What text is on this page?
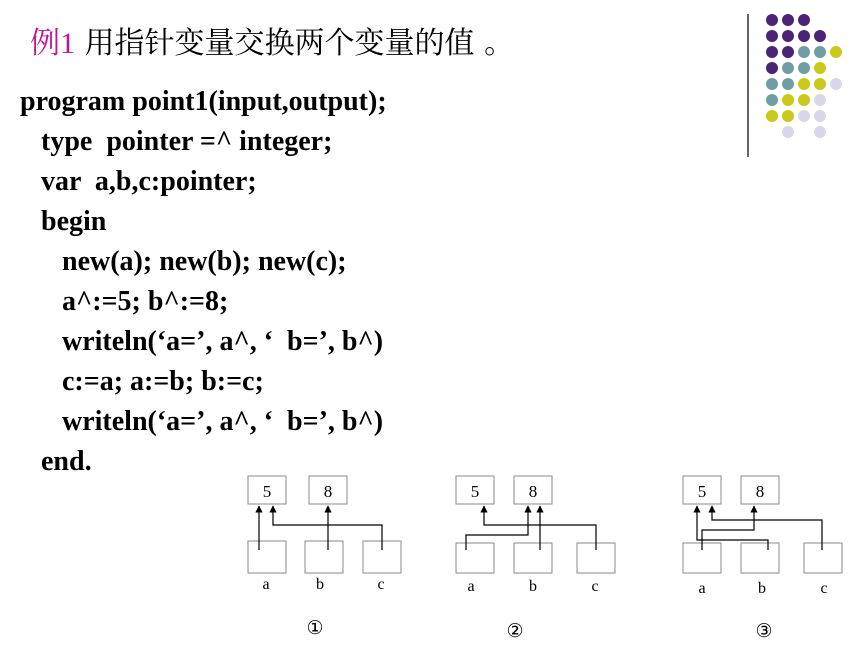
例1 用指针变量交换两个变量的值 。
program point1(input,output);
type  pointer =^ integer;
var  a,b,c:pointer;
begin
new(a); new(b); new(c);
a^:=5; b^:=8;
writeln(‘a=’, a^, ‘  b=’, b^)
c:=a; a:=b; b:=c;
writeln(‘a=’, a^, ‘  b=’, b^)
end.
5	8
a	b	c
①
5	8
a	b	c
②
5	8
a	b	c
③
